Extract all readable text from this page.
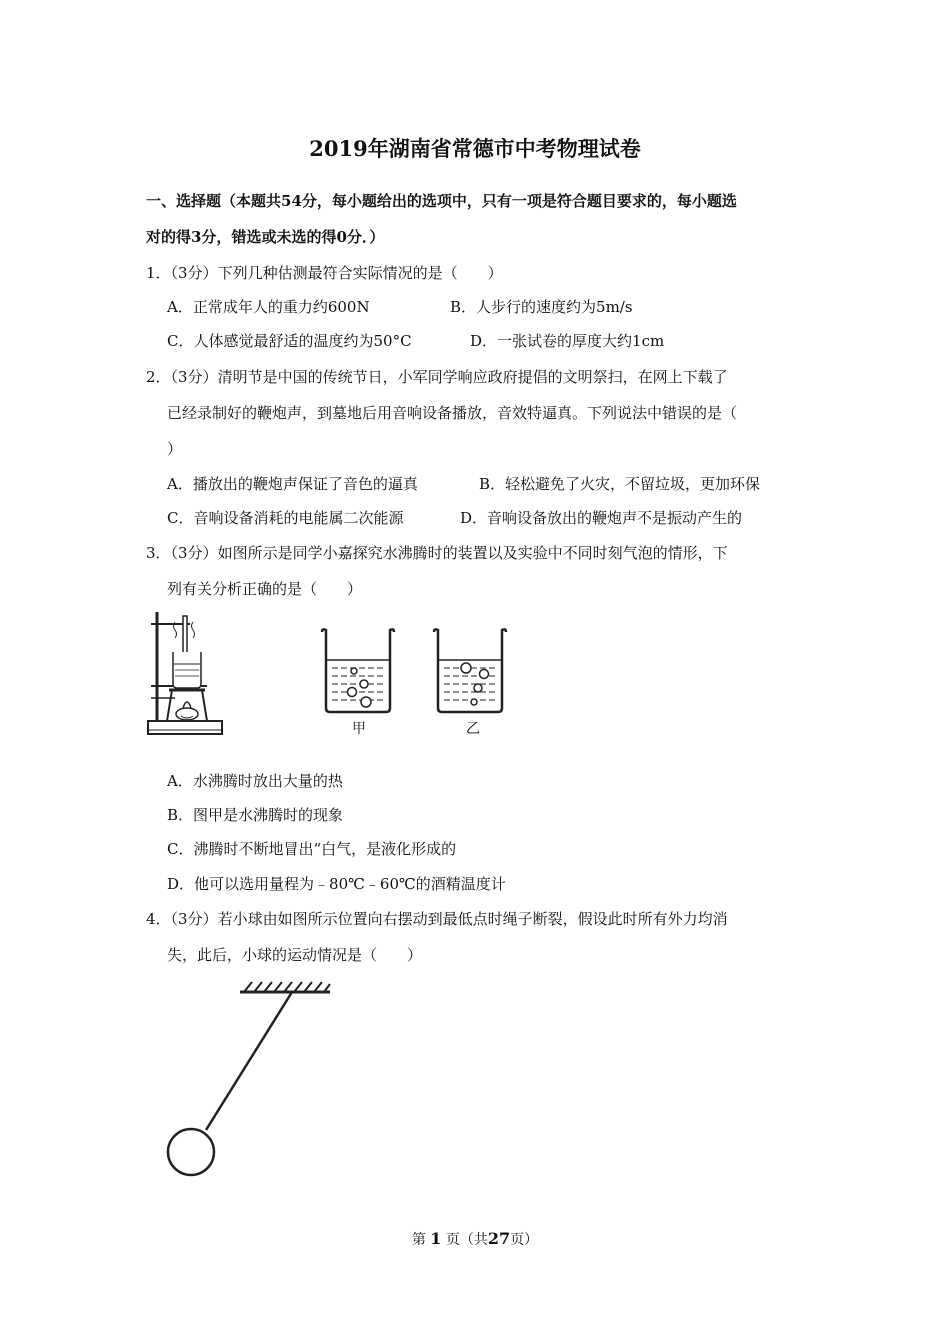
2019年湖南省常德市中考物理试卷
一、选择题（本题共54分，每小题给出的选项中，只有一项是符合题目要求的，每小题选
对的得3分，错选或未选的得0分．）
1．（3分）下列几种估测最符合实际情况的是（　　）
A．正常成年人的重力约600N	B．人步行的速度约为5m/s
C．人体感觉最舒适的温度约为50°C	D．一张试卷的厚度大约1cm
2．（3分）清明节是中国的传统节日，小军同学响应政府提倡的文明祭扫，在网上下载了
已经录制好的鞭炮声，到墓地后用音响设备播放，音效特逼真。下列说法中错误的是（
）
A．播放出的鞭炮声保证了音色的逼真	B．轻松避免了火灾，不留垃圾，更加环保
C．音响设备消耗的电能属二次能源	D．音响设备放出的鞭炮声不是振动产生的
3．（3分）如图所示是同学小嘉探究水沸腾时的装置以及实验中不同时刻气泡的情形，下
列有关分析正确的是（　　）
甲	乙
A．水沸腾时放出大量的热
B．图甲是水沸腾时的现象
C．沸腾时不断地冒出“白气，是液化形成的
D．他可以选用量程为﹣80℃﹣60℃的酒精温度计
4．（3分）若小球由如图所示位置向右摆动到最低点时绳子断裂，假设此时所有外力均消
失，此后，小球的运动情况是（　　）
第 1 页（共27页）
